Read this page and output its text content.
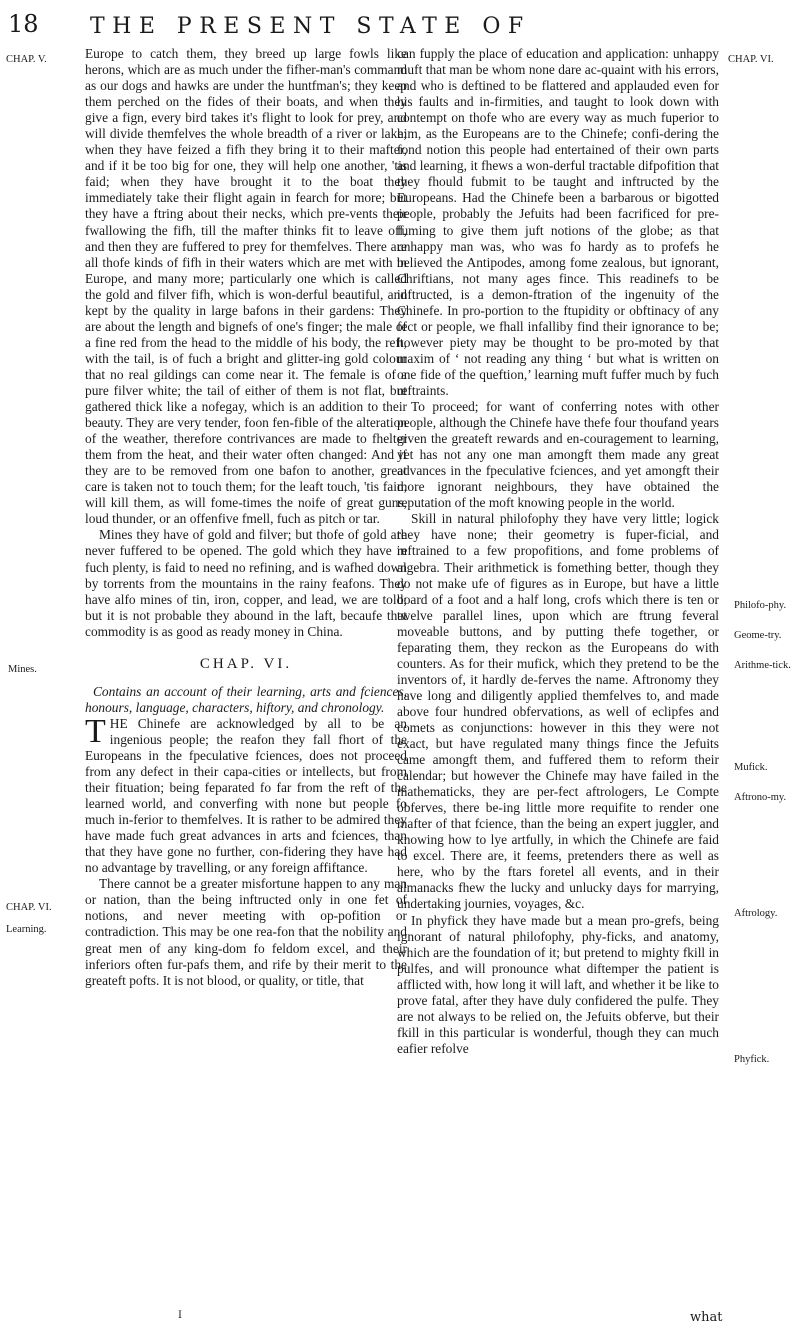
18 THE PRESENT STATE OF
CHAP. V.	CHAP. VI.
Mines.
CHAP. VI.
Learning.
Philofo-phy.
Geome-try.
Arithme-tick.
Mufick.
Aftrono-my.
Aftrology.
Phyfick.

Europe to catch them, they breed up large fowls like herons, which are as much under the fifher-man's command as our dogs and hawks are under the huntfman's; they keep them perched on the fides of their boats, and when they give a fign, every bird takes it's flight to look for prey, and will divide themfelves the whole breadth of a river or lake; when they have feized a fifh they bring it to their mafter, and if it be too big for one, they will help one another, 'tis faid; when they have brought it to the boat they immediately take their flight again in fearch for more; but they have a ftring about their necks, which pre-vents their fwallowing the fifh, till the mafter thinks fit to leave off, and then they are fuffered to prey for themfelves. There are all thofe kinds of fifh in their waters which are met with in Europe, and many more; particularly one which is called the gold and filver fifh, which is won-derful beautiful, and kept by the quality in large bafons in their gardens: They are about the length and bignefs of one's finger; the male of a fine red from the head to the middle of his body, the reft, with the tail, is of fuch a bright and glitter-ing gold colour that no real gildings can come near it. The female is of a pure filver white; the tail of either of them is not flat, but gathered thick like a nofegay, which is an addition to their beauty. They are very tender, foon fen-fible of the alteration of the weather, therefore contrivances are made to fhelter them from the heat, and their water often changed: And if they are to be removed from one bafon to another, great care is taken not to touch them; for the leaft touch, 'tis faid, will kill them, as will fome-times the noife of great guns, loud thunder, or an offenfive fmell, fuch as pitch or tar.

Mines they have of gold and filver; but thofe of gold are never fuffered to be opened. The gold which they have in fuch plenty, is faid to need no refining, and is wafhed down by torrents from the mountains in the rainy feafons. They have alfo mines of tin, iron, copper, and lead, we are told; but it is not probable they abound in the laft, becaufe that commodity is as good as ready money in China.

CHAP. VI.

Contains an account of their learning, arts and fciences, honours, language, characters, hiftory, and chronology.

THE Chinefe are acknowledged by all to be an ingenious people; the reafon they fall fhort of the Europeans in the fpeculative fciences, does not proceed from any defect in their capa-cities or intellects, but from their fituation; being feparated fo far from the reft of the learned world, and converfing with none but people fo much in-ferior to themfelves. It is rather to be admired they have made fuch great advances in arts and fciences, than that they have gone no further, con-fidering they have had no advantage by travelling, or any foreign affiftance.

There cannot be a greater misfortune happen to any man or nation, than the being inftructed only in one fet of notions, and never meeting with op-pofition or contradiction. This may be one rea-fon that the nobility and great men of any king-dom fo feldom excel, and their inferiors often fur-pafs them, and rife by their merit to the greateft pofts. It is not blood, or quality, or title, that

I

can fupply the place of education and application: unhappy muft that man be whom none dare ac-quaint with his errors, and who is deftined to be flattered and applauded even for his faults and in-firmities, and taught to look down with contempt on thofe who are every way as much fuperior to him, as the Europeans are to the Chinefe; confi-dering the fond notion this people had entertained of their own parts and learning, it fhews a won-derful tractable difpofition that they fhould fubmit to be taught and inftructed by the Europeans. Had the Chinefe been a barbarous or bigotted people, probably the Jefuits had been facrificed for pre-fuming to give them juft notions of the globe; as that unhappy man was, who was fo hardy as to profefs he believed the Antipodes, among fome zealous, but ignorant, Chriftians, not many ages fince. This readinefs to be inftructed, is a demon-ftration of the ingenuity of the Chinefe. In pro-portion to the ftupidity or obftinacy of any fect or people, we fhall infalliby find their ignorance to be; however piety may be thought to be pro-moted by that maxim of ‘ not reading any thing ‘ but what is written on one fide of the queftion,’ learning muft fuffer much by fuch reftraints.

To proceed; for want of conferring notes with other people, although the Chinefe have thefe four thoufand years given the greateft rewards and en-couragement to learning, yet has not any one man amongft them made any great advances in the fpeculative fciences, and yet amongft their more ignorant neighbours, they have obtained the reputation of the moft knowing people in the world.

Skill in natural philofophy they have very little; logick they have none; their geometry is fuper-ficial, and reftrained to a few propofitions, and fome problems of algebra. Their arithmetick is fomething better, though they do not make ufe of figures as in Europe, but have a little board of a foot and a half long, crofs which there is ten or twelve parallel lines, upon which are ftrung feveral moveable buttons, and by putting thefe together, or feparating them, they reckon as the Europeans do with counters. As for their mufick, which they pretend to be the inventors of, it hardly de-ferves the name. Aftronomy they have long and diligently applied themfelves to, and made above four hundred obfervations, as well of eclipfes and comets as conjunctions: however in this they were not exact, but have regulated many things fince the Jefuits came amongft them, and fuffered them to reform their calendar; but however the Chinefe may have failed in the mathematicks, they are per-fect aftrologers, Le Compte obferves, there be-ing little more requifite to render one mafter of that fcience, than the being an expert juggler, and knowing how to lye artfully, in which the Chinefe are faid to excel. There are, it feems, pretenders there as well as here, who by the ftars foretel all events, and in their almanacks fhew the lucky and unlucky days for marrying, undertaking journies, voyages, &c.

In phyfick they have made but a mean pro-grefs, being ignorant of natural philofophy, phy-ficks, and anatomy, which are the foundation of it; but pretend to mighty fkill in pulfes, and will pronounce what diftemper the patient is afflicted with, how long it will laft, and whether it be like to prove fatal, after they have duly confidered the pulfe. They are not always to be relied on, the Jefuits obferve, but their fkill in this particular is wonderful, though they can much eafier refolve

what
